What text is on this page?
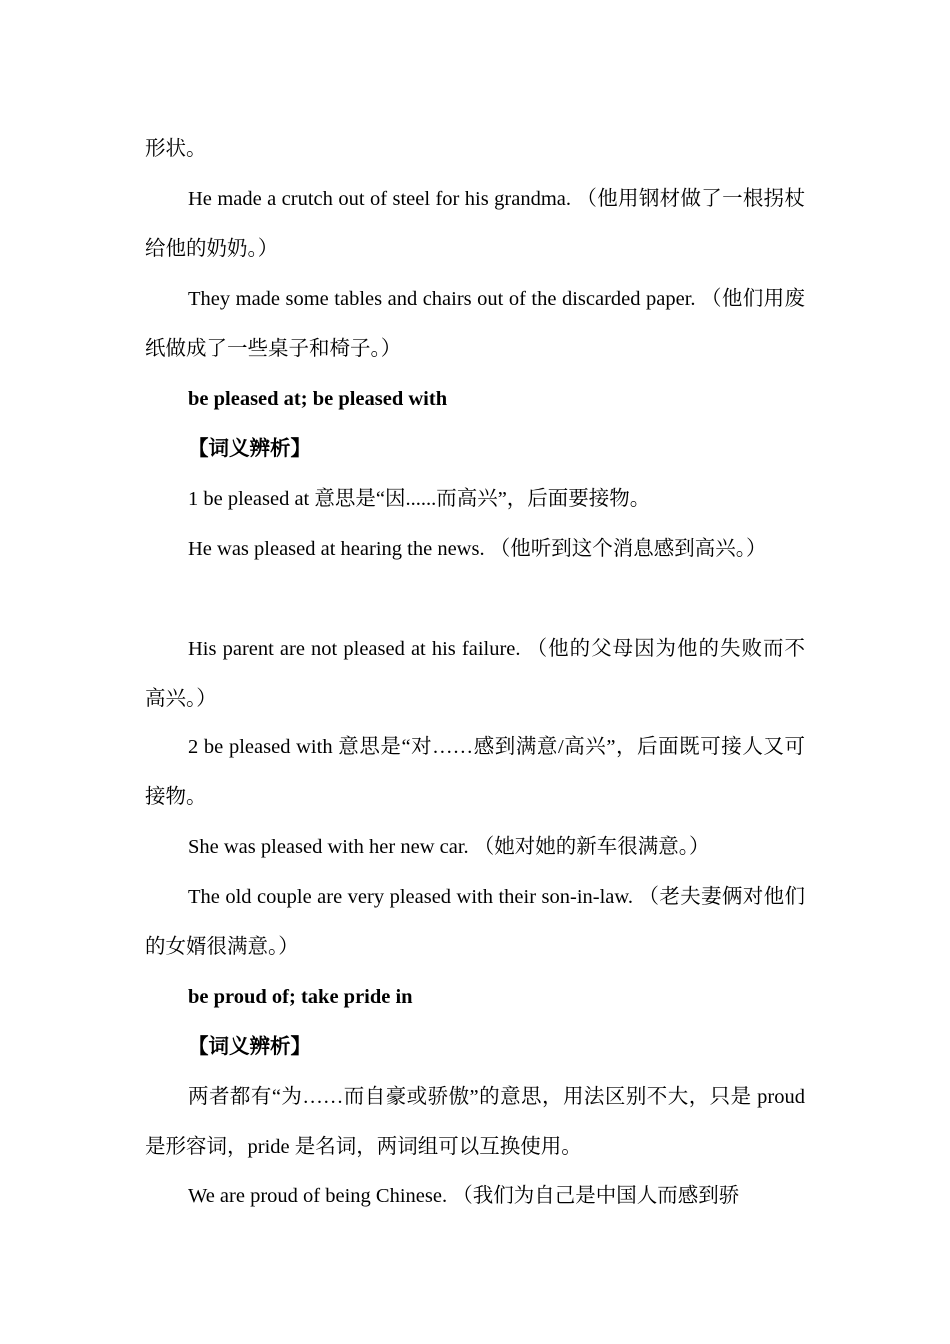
形状。

He made a crutch out of steel for his grandma. （他用钢材做了一根拐杖给他的奶奶。）

They made some tables and chairs out of the discarded paper. （他们用废纸做成了一些桌子和椅子。）

be pleased at; be pleased with

【词义辨析】

1 be pleased at 意思是“因......而高兴”，后面要接物。

He was pleased at hearing the news. （他听到这个消息感到高兴。）

His parent are not pleased at his failure. （他的父母因为他的失败而不高兴。）

2 be pleased with 意思是“对……感到满意/高兴”，后面既可接人又可接物。

She was pleased with her new car. （她对她的新车很满意。）

The old couple are very pleased with their son-in-law. （老夫妻俩对他们的女婿很满意。）

be proud of; take pride in

【词义辨析】

两者都有“为……而自豪或骄傲”的意思，用法区别不大，只是 proud 是形容词，pride 是名词，两词组可以互换使用。

We are proud of being Chinese. （我们为自己是中国人而感到骄
